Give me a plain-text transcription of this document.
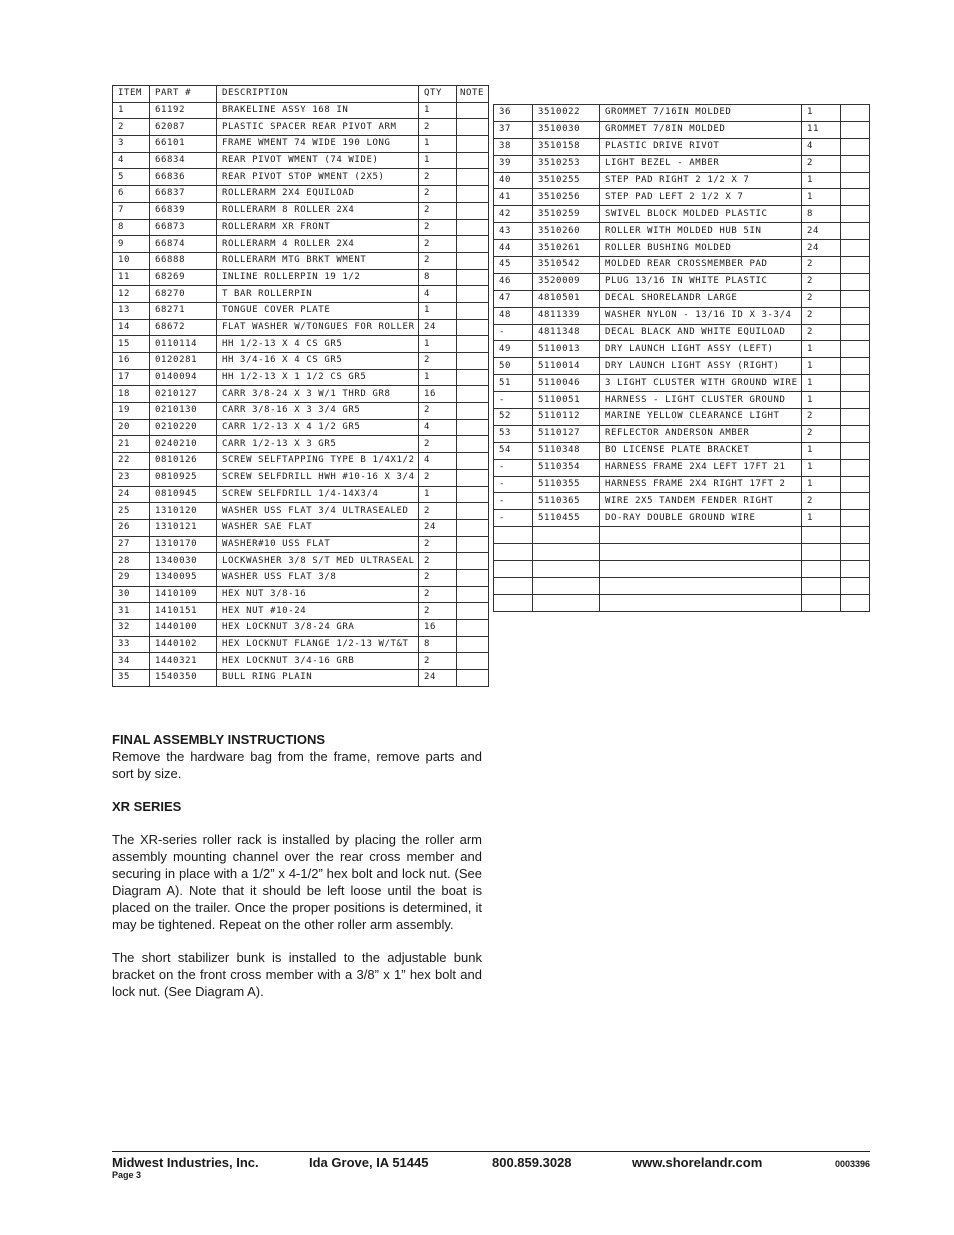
ITEM	PART #	DESCRIPTION	QTY	NOTE
1	61192	BRAKELINE ASSY 168 IN	1	
2	62087	PLASTIC SPACER REAR PIVOT ARM	2	
3	66101	FRAME WMENT 74 WIDE 190 LONG	1	
4	66834	REAR PIVOT WMENT (74 WIDE)	1	
5	66836	REAR PIVOT STOP WMENT (2X5)	2	
6	66837	ROLLERARM 2X4 EQUILOAD	2	
7	66839	ROLLERARM 8 ROLLER 2X4	2	
8	66873	ROLLERARM XR FRONT	2	
9	66874	ROLLERARM 4 ROLLER 2X4	2	
10	66888	ROLLERARM MTG BRKT WMENT	2	
11	68269	INLINE ROLLERPIN 19 1/2	8	
12	68270	T BAR ROLLERPIN	4	
13	68271	TONGUE COVER PLATE	1	
14	68672	FLAT WASHER W/TONGUES FOR ROLLER	24	
15	0110114	HH 1/2-13 X 4 CS GR5	1	
16	0120281	HH 3/4-16 X 4 CS GR5	2	
17	0140094	HH 1/2-13 X 1 1/2 CS GR5	1	
18	0210127	CARR 3/8-24 X 3 W/1 THRD GR8	16	
19	0210130	CARR 3/8-16 X 3 3/4 GR5	2	
20	0210220	CARR 1/2-13 X 4 1/2 GR5	4	
21	0240210	CARR 1/2-13 X 3 GR5	2	
22	0810126	SCREW SELFTAPPING TYPE B 1/4X1/2	4	
23	0810925	SCREW SELFDRILL HWH #10-16 X 3/4	2	
24	0810945	SCREW SELFDRILL 1/4-14X3/4	1	
25	1310120	WASHER USS FLAT 3/4 ULTRASEALED	2	
26	1310121	WASHER SAE FLAT	24	
27	1310170	WASHER#10 USS FLAT	2	
28	1340030	LOCKWASHER 3/8 S/T MED ULTRASEAL	2	
29	1340095	WASHER USS FLAT 3/8	2	
30	1410109	HEX NUT 3/8-16	2	
31	1410151	HEX NUT #10-24	2	
32	1440100	HEX LOCKNUT 3/8-24 GRA	16	
33	1440102	HEX LOCKNUT FLANGE 1/2-13 W/T&T	8	
34	1440321	HEX LOCKNUT 3/4-16 GRB	2	
35	1540350	BULL RING PLAIN	24	
36	3510022	GROMMET 7/16IN MOLDED	1	
37	3510030	GROMMET 7/8IN MOLDED	11	
38	3510158	PLASTIC DRIVE RIVOT	4	
39	3510253	LIGHT BEZEL - AMBER	2	
40	3510255	STEP PAD RIGHT 2 1/2 X 7	1	
41	3510256	STEP PAD LEFT 2 1/2 X 7	1	
42	3510259	SWIVEL BLOCK MOLDED PLASTIC	8	
43	3510260	ROLLER WITH MOLDED HUB 5IN	24	
44	3510261	ROLLER BUSHING MOLDED	24	
45	3510542	MOLDED REAR CROSSMEMBER PAD	2	
46	3520009	PLUG 13/16 IN WHITE PLASTIC	2	
47	4810501	DECAL SHORELANDR LARGE	2	
48	4811339	WASHER NYLON - 13/16 ID X 3-3/4	2	
-	4811348	DECAL BLACK AND WHITE EQUILOAD	2	
49	5110013	DRY LAUNCH LIGHT ASSY (LEFT)	1	
50	5110014	DRY LAUNCH LIGHT ASSY (RIGHT)	1	
51	5110046	3 LIGHT CLUSTER WITH GROUND WIRE	1	
-	5110051	HARNESS - LIGHT CLUSTER GROUND	1	
52	5110112	MARINE YELLOW CLEARANCE LIGHT	2	
53	5110127	REFLECTOR ANDERSON AMBER	2	
54	5110348	BO LICENSE PLATE BRACKET	1	
-	5110354	HARNESS FRAME 2X4 LEFT 17FT 21	1	
-	5110355	HARNESS FRAME 2X4 RIGHT 17FT 2	1	
-	5110365	WIRE 2X5 TANDEM FENDER RIGHT	2	
-	5110455	DO-RAY DOUBLE GROUND WIRE	1	

FINAL ASSEMBLY INSTRUCTIONS

Remove the hardware bag from the frame, remove parts and sort by size.

XR SERIES

The XR-series roller rack is installed by placing the roller arm assembly mounting channel over the rear cross member and securing in place with a 1/2” x 4-1/2” hex bolt and lock nut. (See Diagram A). Note that it should be left loose until the boat is placed on the trailer. Once the proper positions is determined, it may be tightened. Repeat on the other roller arm assembly.

The short stabilizer bunk is installed to the adjustable bunk bracket on the front cross member with a 3/8” x 1” hex bolt and lock nut. (See Diagram A).

Midwest Industries, Inc.	Ida Grove, IA 51445	800.859.3028	www.shorelandr.com	0003396
Page 3
